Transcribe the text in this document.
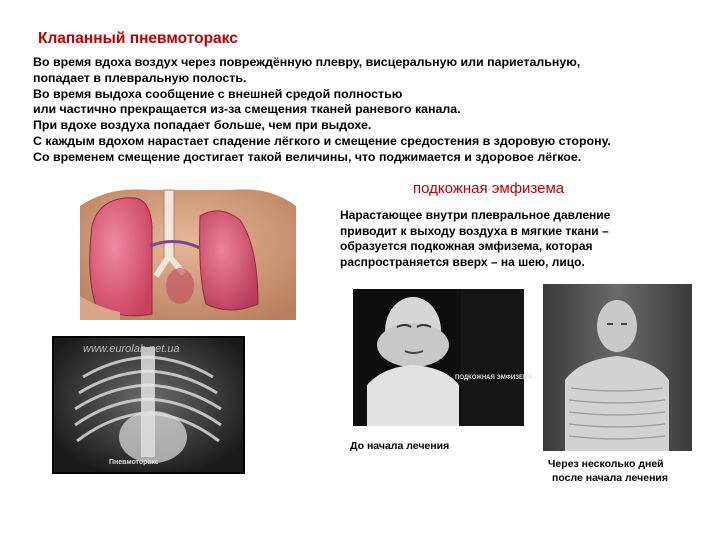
Клапанный пневмоторакс
Во время вдоха воздух через повреждённую плевру, висцеральную или париетальную,
попадает в плевральную полость.
Во время выдоха сообщение с внешней средой полностью
или частично прекращается из-за смещения тканей раневого канала.
При вдохе воздуха попадает больше, чем при выдохе.
С каждым вдохом нарастает спадение лёгкого и смещение средостения в здоровую сторону.
Со временем смещение достигает такой величины, что поджимается и здоровое лёгкое.
www.eurolab.net.ua
Пневмоторакс
подкожная эмфизема
Нарастающее внутри плевральное давление
приводит к выходу воздуха в мягкие ткани –
образуется подкожная эмфизема, которая
распространяется вверх – на шею, лицо.
ПОДКОЖНАЯ ЭМФИЗЕМА
До начала лечения
Через несколько дней
после начала лечения
